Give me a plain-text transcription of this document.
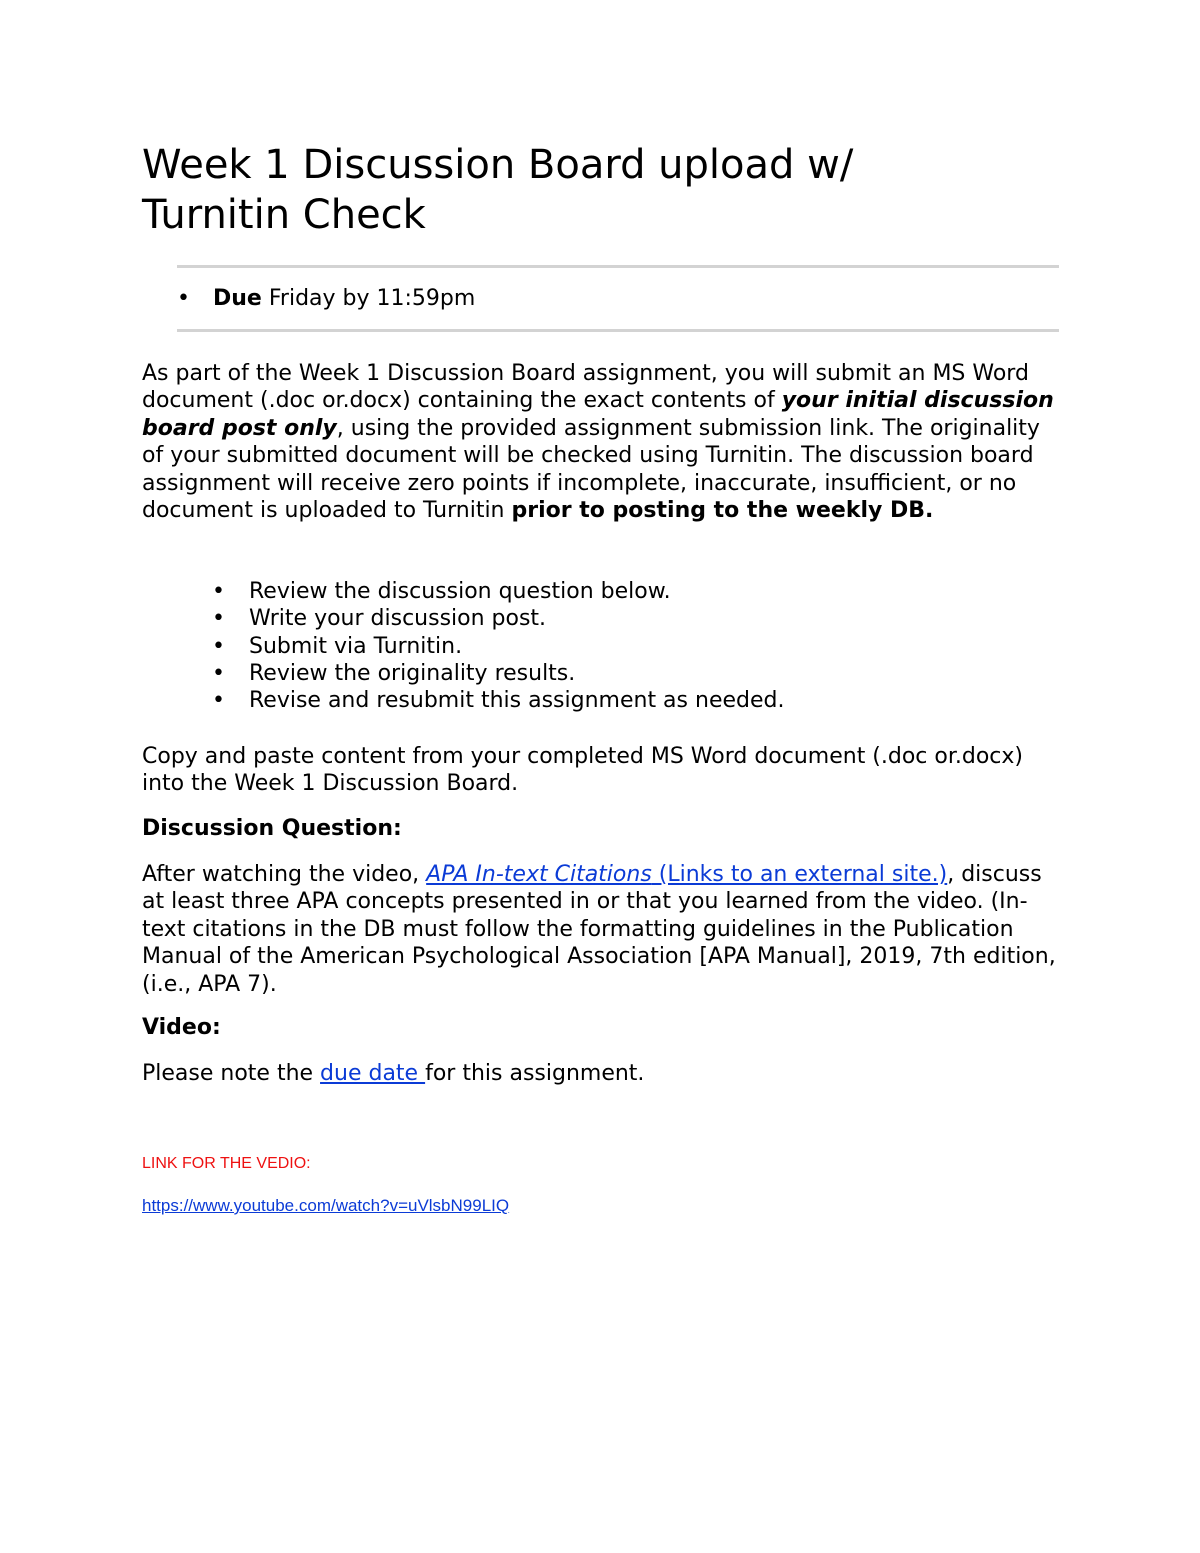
Week 1 Discussion Board upload w/
Turnitin Check
• Due Friday by 11:59pm

As part of the Week 1 Discussion Board assignment, you will submit an MS Word document (.doc or.docx) containing the exact contents of your initial discussion board post only, using the provided assignment submission link. The originality of your submitted document will be checked using Turnitin. The discussion board assignment will receive zero points if incomplete, inaccurate, insufficient, or no document is uploaded to Turnitin prior to posting to the weekly DB.

• Review the discussion question below.
• Write your discussion post.
• Submit via Turnitin.
• Review the originality results.
• Revise and resubmit this assignment as needed.

Copy and paste content from your completed MS Word document (.doc or.docx) into the Week 1 Discussion Board.

Discussion Question:

After watching the video, APA In-text Citations (Links to an external site.), discuss at least three APA concepts presented in or that you learned from the video. (In-text citations in the DB must follow the formatting guidelines in the Publication Manual of the American Psychological Association [APA Manual], 2019, 7th edition, (i.e., APA 7).

Video:

Please note the due date for this assignment.

LINK FOR THE VEDIO:
https://www.youtube.com/watch?v=uVlsbN99LIQ
